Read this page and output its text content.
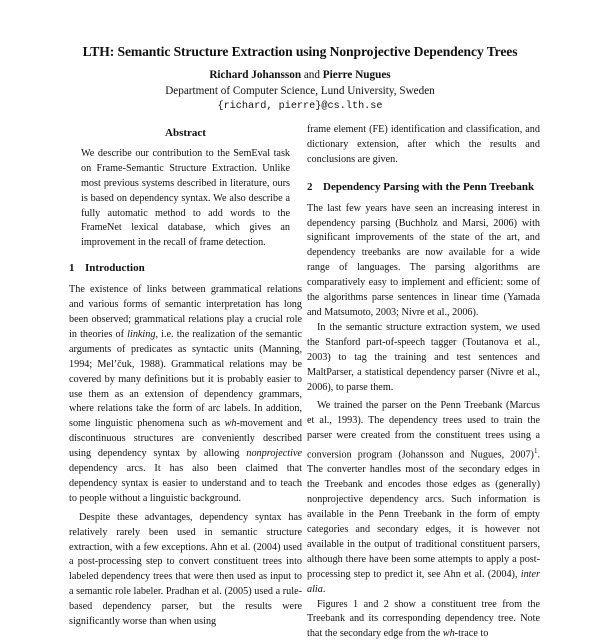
LTH: Semantic Structure Extraction using Nonprojective Dependency Trees
Richard Johansson and Pierre Nugues
Department of Computer Science, Lund University, Sweden
{richard, pierre}@cs.lth.se
Abstract

We describe our contribution to the SemEval task on Frame-Semantic Structure Extraction. Unlike most previous systems described in literature, ours is based on dependency syntax. We also describe a fully automatic method to add words to the FrameNet lexical database, which gives an improvement in the recall of frame detection.

1 Introduction

The existence of links between grammatical relations and various forms of semantic interpretation has long been observed; grammatical relations play a crucial role in theories of linking, i.e. the realization of the semantic arguments of predicates as syntactic units (Manning, 1994; Mel’čuk, 1988). Grammatical relations may be covered by many definitions but it is probably easier to use them as an extension of dependency grammars, where relations take the form of arc labels. In addition, some linguistic phenomena such as wh-movement and discontinuous structures are conveniently described using dependency syntax by allowing nonprojective dependency arcs. It has also been claimed that dependency syntax is easier to understand and to teach to people without a linguistic background.

Despite these advantages, dependency syntax has relatively rarely been used in semantic structure extraction, with a few exceptions. Ahn et al. (2004) used a post-processing step to convert constituent trees into labeled dependency trees that were then used as input to a semantic role labeler. Pradhan et al. (2005) used a rule-based dependency parser, but the results were significantly worse than when using

frame element (FE) identification and classification, and dictionary extension, after which the results and conclusions are given.

2 Dependency Parsing with the Penn Treebank

The last few years have seen an increasing interest in dependency parsing (Buchholz and Marsi, 2006) with significant improvements of the state of the art, and dependency treebanks are now available for a wide range of languages. The parsing algorithms are comparatively easy to implement and efficient: some of the algorithms parse sentences in linear time (Yamada and Matsumoto, 2003; Nivre et al., 2006).

In the semantic structure extraction system, we used the Stanford part-of-speech tagger (Toutanova et al., 2003) to tag the training and test sentences and MaltParser, a statistical dependency parser (Nivre et al., 2006), to parse them.

We trained the parser on the Penn Treebank (Marcus et al., 1993). The dependency trees used to train the parser were created from the constituent trees using a conversion program (Johansson and Nugues, 2007)$^1$. The converter handles most of the secondary edges in the Treebank and encodes those edges as (generally) nonprojective dependency arcs. Such information is available in the Penn Treebank in the form of empty categories and secondary edges, it is however not available in the output of traditional constituent parsers, although there have been some attempts to apply a post-processing step to predict it, see Ahn et al. (2004), inter alia.

Figures 1 and 2 show a constituent tree from the Treebank and its corresponding dependency tree. Note that the secondary edge from the wh-trace to
